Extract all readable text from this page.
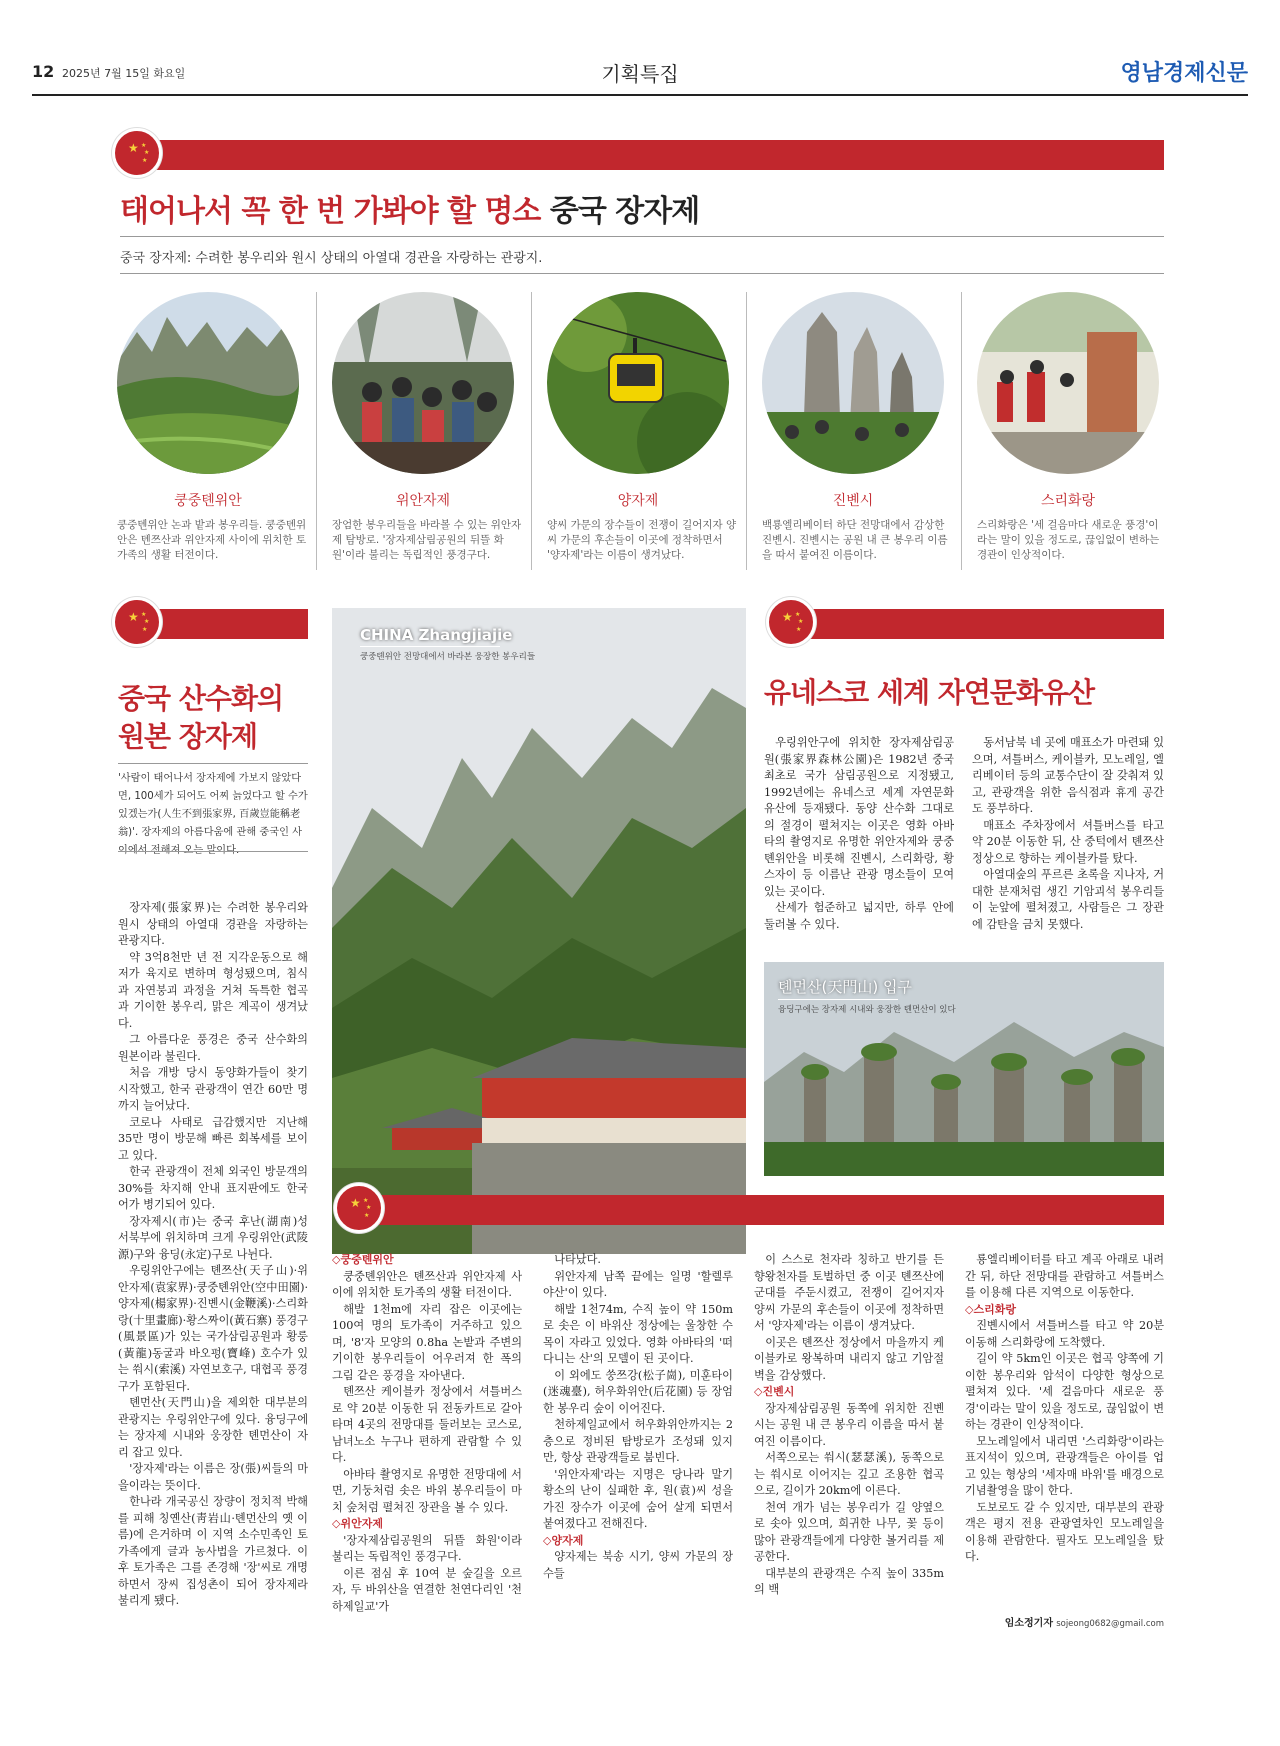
12 2025년 7월 15일 화요일	기획특집	영남경제신문
★ ★
★
★
태어나서 꼭 한 번 가봐야 할 명소 중국 장자제
중국 장자제: 수려한 봉우리와 원시 상태의 아열대 경관을 자랑하는 관광지.
쿵중톈위안	위안자제	양자제	진볜시	스리화랑
쿵중톈위안 논과 밭과 봉우리들. 쿵중톈위안은 톈쯔산과 위안자제 사이에 위치한 토가족의 생활 터전이다.
장엄한 봉우리들을 바라볼 수 있는 위안자제 탐방로. '장자제삼림공원의 뒤뜰 화원'이라 불리는 독립적인 풍경구다.
양씨 가문의 장수들이 전쟁이 길어지자 양씨 가문의 후손들이 이곳에 정착하면서 '양자제'라는 이름이 생겨났다.
백룡엘리베이터 하단 전망대에서 감상한 진볜시. 진볜시는 공원 내 큰 봉우리 이름을 따서 붙여진 이름이다.
스리화랑은 '세 걸음마다 새로운 풍경'이라는 말이 있을 정도로, 끊임없이 변하는 경관이 인상적이다.
★ ★
★
★
중국 산수화의
원본 장자제
'사람이 태어나서 장자제에 가보지 않았다면, 100세가 되어도 어찌 늙었다고 할 수가 있겠는가(人生不到張家界, 百歲豈能稱老翁)'. 장자제의 아름다움에 관해 중국인 사
장자제(張家界)는 수려한 봉우리와 원시 상태의 아열대 경관을 자랑하는 관광지다.
약 3억8천만 년 전 지각운동으로 해저가 육지로 변하며 형성됐으며, 침식과 자연붕괴 과정을 거쳐 독특한 협곡과 기이한 봉우리, 맑은 계곡이 생겨났다.
그 아름다운 풍경은 중국 산수화의 원본이라 불린다.
처음 개방 당시 동양화가들이 찾기 시작했고, 한국 관광객이 연간 60만 명까지 늘어났다.
코로나 사태로 급감했지만 지난해 35만 명이 방문해 빠른 회복세를 보이고 있다.
한국 관광객이 전체 외국인 방문객의 30%를 차지해 안내 표지판에도 한국어가 병기되어 있다.
장자제시(市)는 중국 후난(湖南)성 서북부에 위치하며 크게 우링위안(武陵源)구와 융딩(永定)구로 나뉜다.
우링위안구에는 톈쯔산(天子山)·위안자제(袁家界)·쿵중톈위안(空中田園)·양자제(楊家界)·진볜시(金鞭溪)·스리화랑(十里畫廊)·황스짜이(黃石寨) 풍경구(風景區)가 있는 국가삼림공원과 황룽(黃龍)동굴과 바오펑(寶峰) 호수가 있는 쒀시(索溪) 자연보호구, 대협곡 풍경구가 포함된다.
톈먼산(天門山)을 제외한 대부분의 관광지는 우링위안구에 있다. 융딩구에는 장자제 시내와 웅장한 톈먼산이 자리 잡고 있다.
'장자제'라는 이름은 장(張)씨들의 마을이라는 뜻이다.
한나라 개국공신 장량이 정치적 박해를 피해 칭옌산(靑岩山·톈먼산의 옛 이름)에 은거하며 이 지역 소수민족인 토가족에게 글과 농사법을 가르쳤다. 이후 토가족은 그를 존경해 '장'씨로 개명하면서 장씨 집성촌이 되어 장자제라 불리게 됐다.
CHINA Zhangjiajie
쿵중톈위안 전망대에서 바라본 웅장한 봉우리들
★ ★
★
★
유네스코 세계 자연문화유산
우링위안구에 위치한 장자제삼림공원(張家界森林公園)은 1982년 중국 최초로 국가 삼림공원으로 지정됐고, 1992년에는 유네스코 세계 자연문화유산에 등재됐다. 동양 산수화 그대로의 절경이 펼쳐지는 이곳은 영화 아바타의 촬영지로 유명한 위안자제와 쿵중톈위안을 비롯해 진볜시, 스리화랑, 황스자이 등 이름난 관광 명소들이 모여 있는 곳이다.
산세가 험준하고 넓지만, 하루 안에 둘러볼 수 있다.
동서남북 네 곳에 매표소가 마련돼 있으며, 셔틀버스, 케이블카, 모노레일, 엘리베이터 등의 교통수단이 잘 갖춰져 있고, 관광객을 위한 음식점과 휴게 공간도 풍부하다.
매표소 주차장에서 셔틀버스를 타고 약 20분 이동한 뒤, 산 중턱에서 톈쯔산 정상으로 향하는 케이블카를 탔다.
아열대숲의 푸르른 초록을 지나자, 거대한 분재처럼 생긴 기암괴석 봉우리들이 눈앞에 펼쳐졌고, 사람들은 그 장관에 감탄을 금치 못했다.
톈먼산(天門山) 입구
융딩구에는 장자제 시내와 웅장한 톈먼산이 있다
★ ★
★
★
◇쿵중톈위안
쿵중톈위안은 톈쯔산과 위안자제 사이에 위치한 토가족의 생활 터전이다.
해발 1천m에 자리 잡은 이곳에는 100여 명의 토가족이 거주하고 있으며, '8'자 모양의 0.8ha 논밭과 주변의 기이한 봉우리들이 어우러져 한 폭의 그림 같은 풍경을 자아낸다.
톈쯔산 케이블카 정상에서 셔틀버스로 약 20분 이동한 뒤 전동카트로 갈아타며 4곳의 전망대를 둘러보는 코스로, 남녀노소 누구나 편하게 관람할 수 있다.
아바타 촬영지로 유명한 전망대에 서면, 기둥처럼 솟은 바위 봉우리들이 마치 숲처럼 펼쳐진 장관을 볼 수 있다.
◇위안자제
'장자제삼림공원의 뒤뜰 화원'이라 불리는 독립적인 풍경구다.
이른 점심 후 10여 분 숲길을 오르자, 두 바위산을 연결한 천연다리인 '천하제일교'가
나타났다.
위안자제 남쪽 끝에는 일명 '할렐루야산'이 있다.
해발 1천74m, 수직 높이 약 150m로 솟은 이 바위산 정상에는 울창한 수목이 자라고 있었다. 영화 아바타의 '떠다니는 산'의 모델이 된 곳이다.
이 외에도 쑹쯔강(松子崗), 미훈타이(迷魂臺), 허우화위안(后花園) 등 장엄한 봉우리 숲이 이어진다.
천하제일교에서 허우화위안까지는 2층으로 정비된 탐방로가 조성돼 있지만, 항상 관광객들로 붐빈다.
'위안자제'라는 지명은 당나라 말기 황소의 난이 실패한 후, 원(袁)씨 성을 가진 장수가 이곳에 숨어 살게 되면서 붙여졌다고 전해진다.
◇양자제
양자제는 북송 시기, 양씨 가문의 장수들
이 스스로 천자라 칭하고 반기를 든 향왕천자를 토벌하던 중 이곳 톈쯔산에 군대를 주둔시켰고, 전쟁이 길어지자 양씨 가문의 후손들이 이곳에 정착하면서 '양자제'라는 이름이 생겨났다.
이곳은 톈쯔산 정상에서 마을까지 케이블카로 왕복하며 내리지 않고 기암절벽을 감상했다.
◇진볜시
장자제삼림공원 동쪽에 위치한 진볜시는 공원 내 큰 봉우리 이름을 따서 붙여진 이름이다.
서쪽으로는 쒀시(瑟瑟溪), 동쪽으로는 쒀시로 이어지는 깊고 조용한 협곡으로, 길이가 20km에 이른다.
천여 개가 넘는 봉우리가 길 양옆으로 솟아 있으며, 희귀한 나무, 꽃 등이 많아 관광객들에게 다양한 볼거리를 제공한다.
대부분의 관광객은 수직 높이 335m의 백
룡엘리베이터를 타고 계곡 아래로 내려간 뒤, 하단 전망대를 관람하고 셔틀버스를 이용해 다른 지역으로 이동한다.
◇스리화랑
진볜시에서 셔틀버스를 타고 약 20분 이동해 스리화랑에 도착했다.
길이 약 5km인 이곳은 협곡 양쪽에 기이한 봉우리와 암석이 다양한 형상으로 펼쳐져 있다. '세 걸음마다 새로운 풍경'이라는 말이 있을 정도로, 끊임없이 변하는 경관이 인상적이다.
모노레일에서 내리면 '스리화랑'이라는 표지석이 있으며, 관광객들은 아이를 업고 있는 형상의 '세자매 바위'를 배경으로 기념촬영을 많이 한다.
도보로도 갈 수 있지만, 대부분의 관광객은 평지 전용 관광열차인 모노레일을 이용해 관람한다. 필자도 모노레일을 탔다.
임소정기자 sojeong0682@gmail.com
